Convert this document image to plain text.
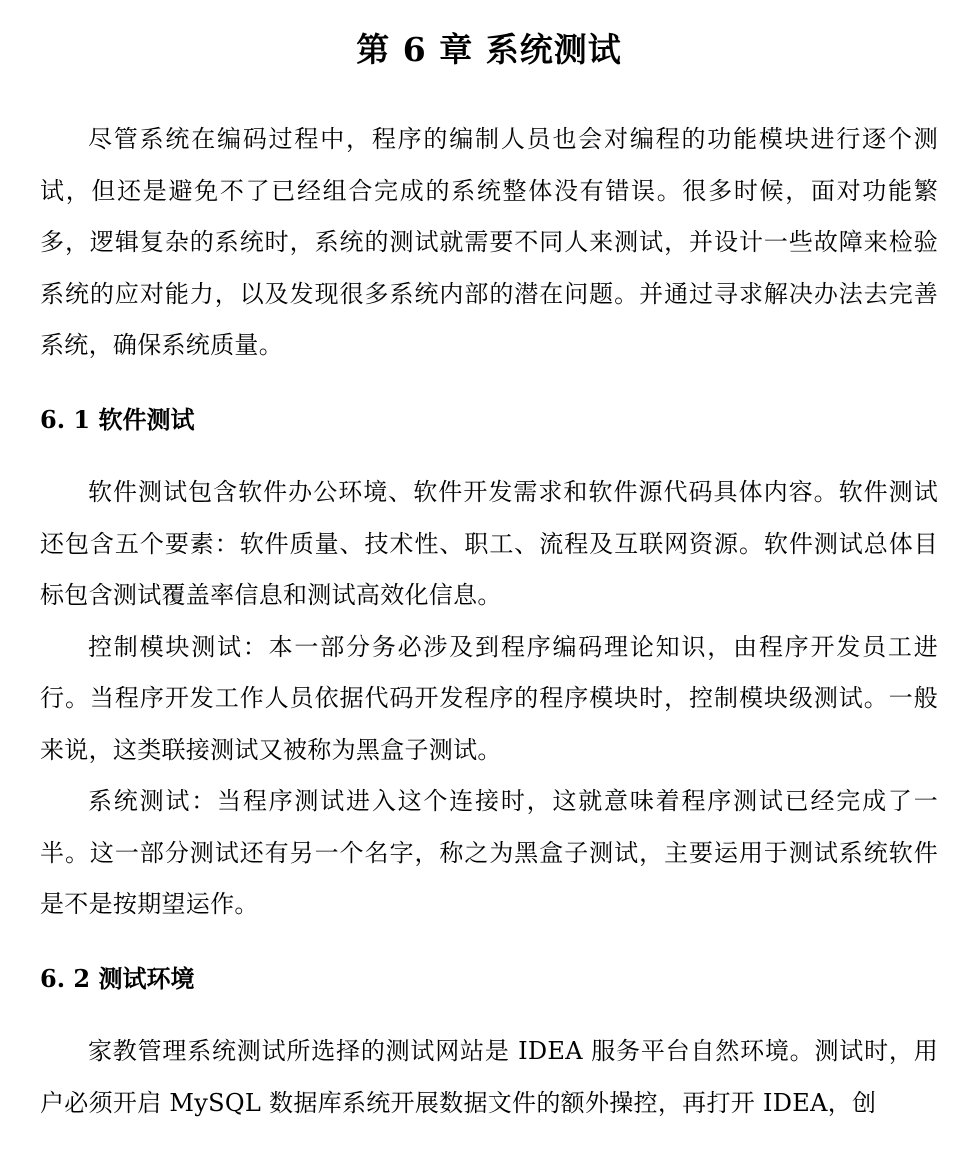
第 6 章 系统测试

尽管系统在编码过程中，程序的编制人员也会对编程的功能模块进行逐个测试，但还是避免不了已经组合完成的系统整体没有错误。很多时候，面对功能繁多，逻辑复杂的系统时，系统的测试就需要不同人来测试，并设计一些故障来检验系统的应对能力，以及发现很多系统内部的潜在问题。并通过寻求解决办法去完善系统，确保系统质量。

6. 1 软件测试

软件测试包含软件办公环境、软件开发需求和软件源代码具体内容。软件测试还包含五个要素：软件质量、技术性、职工、流程及互联网资源。软件测试总体目标包含测试覆盖率信息和测试高效化信息。

控制模块测试：本一部分务必涉及到程序编码理论知识，由程序开发员工进行。当程序开发工作人员依据代码开发程序的程序模块时，控制模块级测试。一般来说，这类联接测试又被称为黑盒子测试。

系统测试：当程序测试进入这个连接时，这就意味着程序测试已经完成了一半。这一部分测试还有另一个名字，称之为黑盒子测试，主要运用于测试系统软件是不是按期望运作。

6. 2 测试环境

家教管理系统测试所选择的测试网站是 IDEA 服务平台自然环境。测试时，用户必须开启 MySQL 数据库系统开展数据文件的额外操控，再打开 IDEA，创
